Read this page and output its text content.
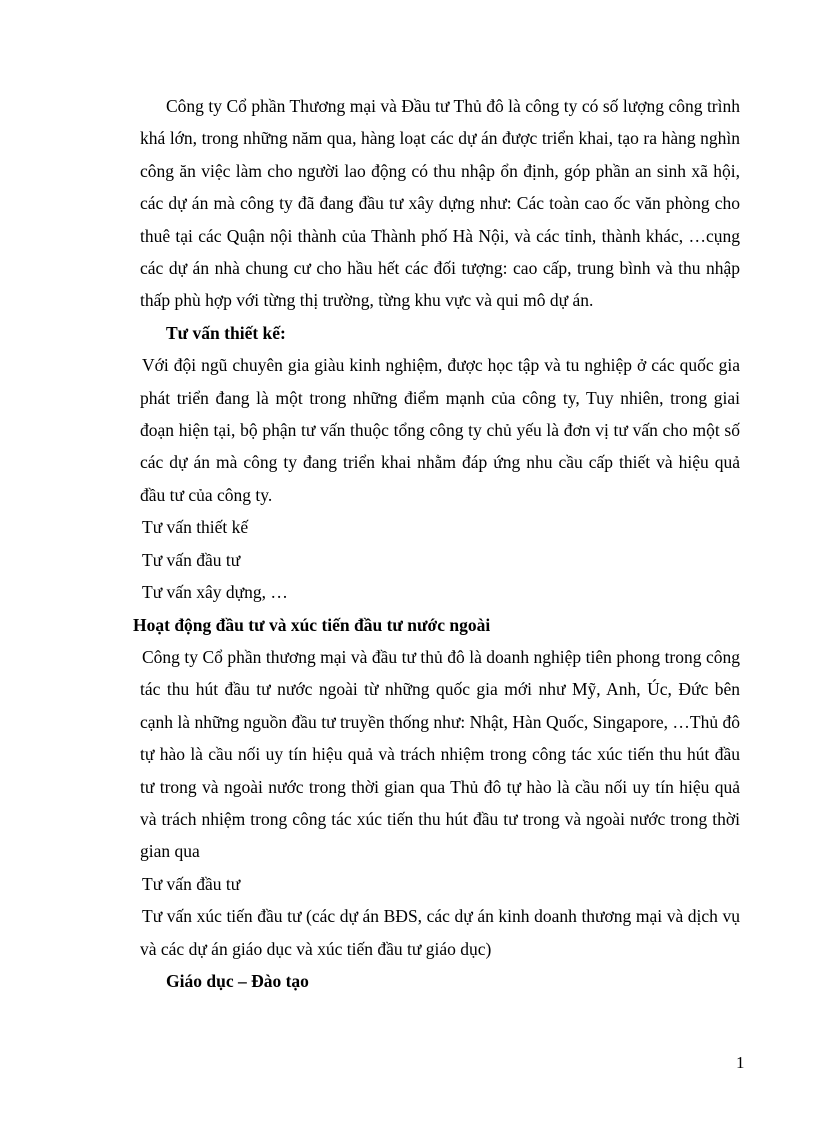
Công ty Cổ phần Thương mại và Đầu tư Thủ đô là công ty có số lượng công trình khá lớn, trong những năm qua, hàng loạt các dự án được triển khai, tạo ra hàng nghìn công ăn việc làm cho người lao động có thu nhập ổn định, góp phần an sinh xã hội, các dự án mà công ty đã đang đầu tư xây dựng như: Các toàn cao ốc văn phòng cho thuê tại các Quận nội thành của Thành phố Hà Nội, và các tỉnh, thành khác, …cụng các dự án nhà chung cư cho hầu hết các đối tượng: cao cấp, trung bình và thu nhập thấp phù hợp với từng thị trường, từng khu vực và qui mô dự án.

Tư vấn thiết kế:

Với đội ngũ chuyên gia giàu kinh nghiệm, được học tập và tu nghiệp ở các quốc gia phát triển đang là một trong những điểm mạnh của công ty, Tuy nhiên, trong giai đoạn hiện tại, bộ phận tư vấn thuộc tổng công ty chủ yếu là đơn vị tư vấn cho một số các dự án mà công ty đang triển khai nhằm đáp ứng nhu cầu cấp thiết và hiệu quả đầu tư của công ty.

Tư vấn thiết kế

Tư vấn đầu tư

Tư vấn xây dựng, …

Hoạt động đầu tư và xúc tiến đầu tư nước ngoài

Công ty Cổ phần thương mại và đầu tư thủ đô là doanh nghiệp tiên phong trong công tác thu hút đầu tư nước ngoài từ những quốc gia mới như Mỹ, Anh, Úc, Đức bên cạnh là những nguồn đầu tư truyền thống như: Nhật, Hàn Quốc, Singapore, …Thủ đô tự hào là cầu nối uy tín hiệu quả và trách nhiệm trong công tác xúc tiến thu hút đầu tư trong và ngoài nước trong thời gian qua Thủ đô tự hào là cầu nối uy tín hiệu quả và trách nhiệm trong công tác xúc tiến thu hút đầu tư trong và ngoài nước trong thời gian qua

Tư vấn đầu tư

Tư vấn xúc tiến đầu tư (các dự án BĐS, các dự án kinh doanh thương mại và dịch vụ và các dự án giáo dục và xúc tiến đầu tư giáo dục)

Giáo dục – Đào tạo

1
